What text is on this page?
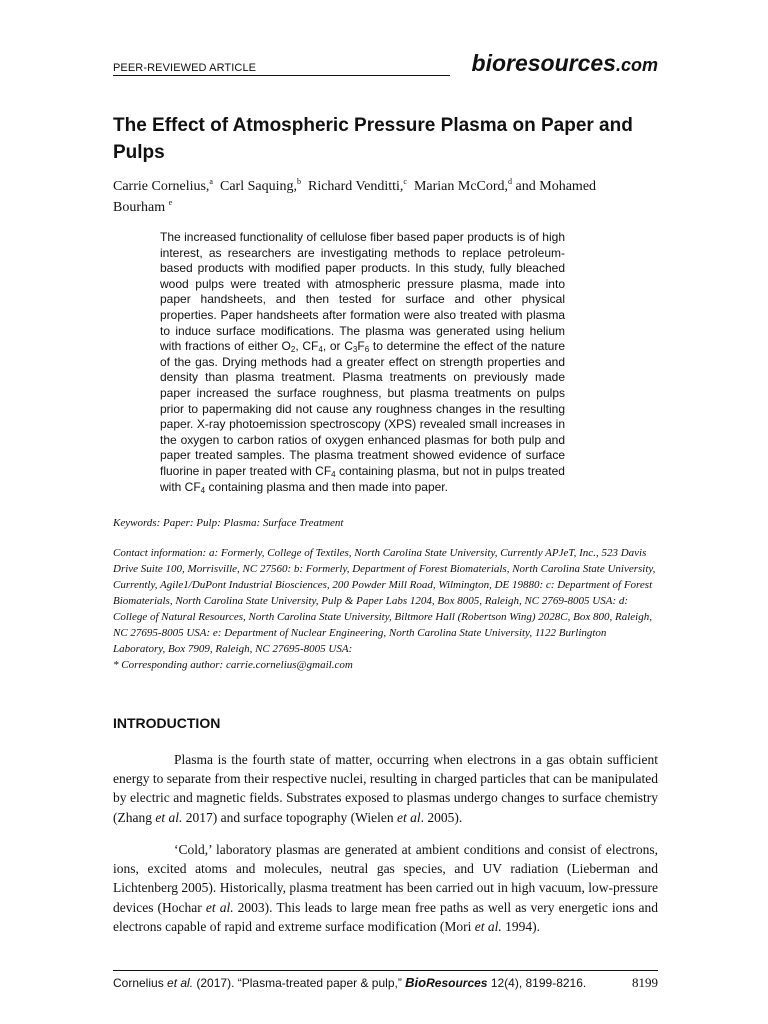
PEER-REVIEWED ARTICLE	bioresources.com
The Effect of Atmospheric Pressure Plasma on Paper and Pulps
Carrie Cornelius,$^a$ Carl Saquing,$^b$ Richard Venditti,$^c$ Marian McCord,$^d$ and Mohamed Bourham $^e$

The increased functionality of cellulose fiber based paper products is of high interest, as researchers are investigating methods to replace petroleum-based products with modified paper products. In this study, fully bleached wood pulps were treated with atmospheric pressure plasma, made into paper handsheets, and then tested for surface and other physical properties. Paper handsheets after formation were also treated with plasma to induce surface modifications. The plasma was generated using helium with fractions of either $O_2$, $CF_4$, or $C_3F_6$ to determine the effect of the nature of the gas. Drying methods had a greater effect on strength properties and density than plasma treatment. Plasma treatments on previously made paper increased the surface roughness, but plasma treatments on pulps prior to papermaking did not cause any roughness changes in the resulting paper. X-ray photoemission spectroscopy (XPS) revealed small increases in the oxygen to carbon ratios of oxygen enhanced plasmas for both pulp and paper treated samples. The plasma treatment showed evidence of surface fluorine in paper treated with $CF_4$ containing plasma, but not in pulps treated with $CF_4$ containing plasma and then made into paper.

Keywords: Paper: Pulp: Plasma: Surface Treatment

Contact information: a: Formerly, College of Textiles, North Carolina State University, Currently APJeT, Inc., 523 Davis Drive Suite 100, Morrisville, NC 27560: b: Formerly, Department of Forest Biomaterials, North Carolina State University, Currently, Agile1/DuPont Industrial Biosciences, 200 Powder Mill Road, Wilmington, DE 19880: c: Department of Forest Biomaterials, North Carolina State University, Pulp & Paper Labs 1204, Box 8005, Raleigh, NC 2769-8005 USA: d: College of Natural Resources, North Carolina State University, Biltmore Hall (Robertson Wing) 2028C, Box 800, Raleigh, NC 27695-8005 USA: e: Department of Nuclear Engineering, North Carolina State University, 1122 Burlington Laboratory, Box 7909, Raleigh, NC 27695-8005 USA:
* Corresponding author: carrie.cornelius@gmail.com

INTRODUCTION

Plasma is the fourth state of matter, occurring when electrons in a gas obtain sufficient energy to separate from their respective nuclei, resulting in charged particles that can be manipulated by electric and magnetic fields. Substrates exposed to plasmas undergo changes to surface chemistry (Zhang et al. 2017) and surface topography (Wielen et al. 2005).

‘Cold,’ laboratory plasmas are generated at ambient conditions and consist of electrons, ions, excited atoms and molecules, neutral gas species, and UV radiation (Lieberman and Lichtenberg 2005). Historically, plasma treatment has been carried out in high vacuum, low-pressure devices (Hochar et al. 2003). This leads to large mean free paths as well as very energetic ions and electrons capable of rapid and extreme surface modification (Mori et al. 1994).

Cornelius et al. (2017). “Plasma-treated paper & pulp,” BioResources 12(4), 8199-8216.	8199
